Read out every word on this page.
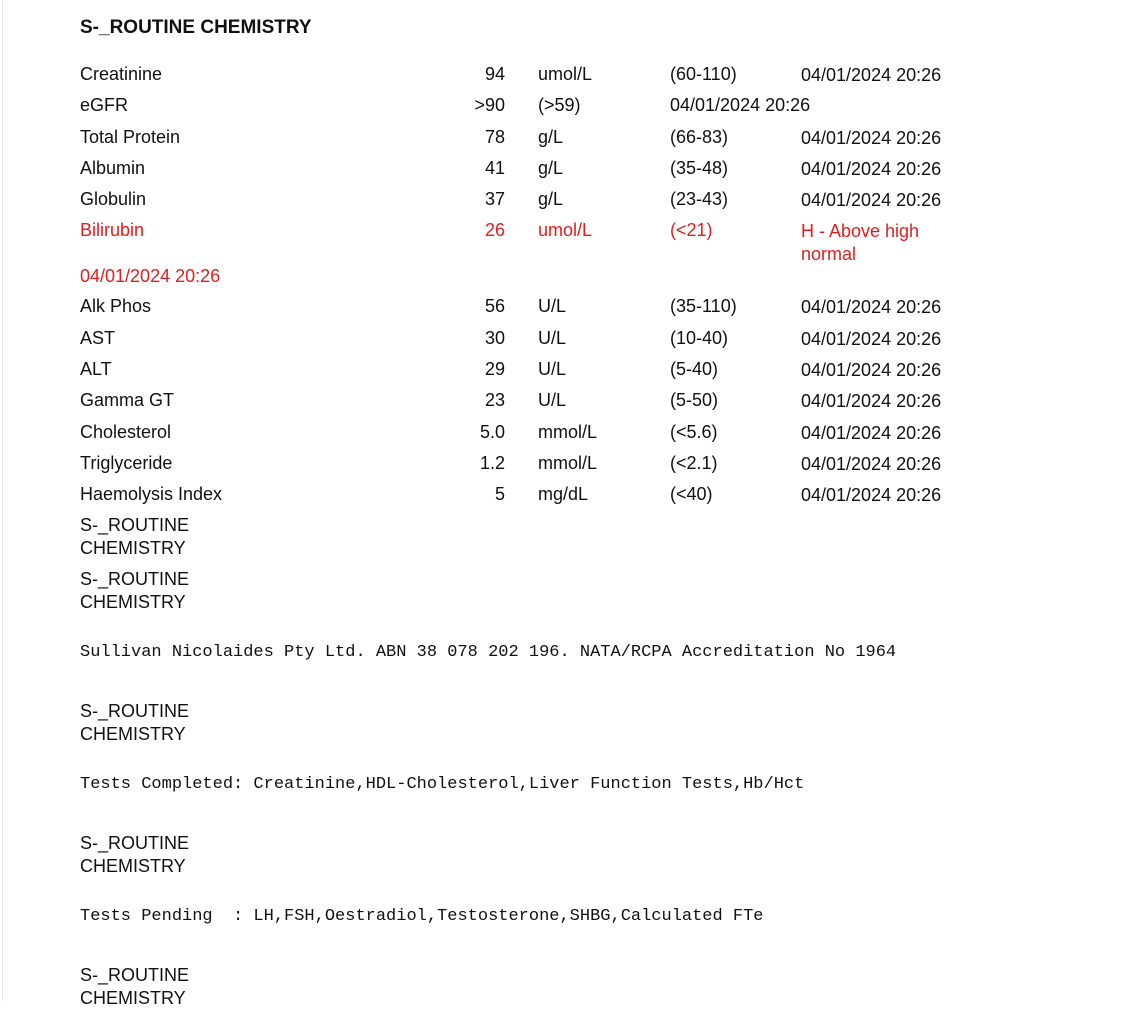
S-_ROUTINE CHEMISTRY
Creatinine	94 umol/L	(60-110)	04/01/2024 20:26
eGFR	>90 (>59)	04/01/2024 20:26
Total Protein	78 g/L	(66-83)	04/01/2024 20:26
Albumin	41 g/L	(35-48)	04/01/2024 20:26
Globulin	37 g/L	(23-43)	04/01/2024 20:26
Bilirubin	26 umol/L	(<21)	H - Above high normal
04/01/2024 20:26
Alk Phos	56 U/L	(35-110)	04/01/2024 20:26
AST	30 U/L	(10-40)	04/01/2024 20:26
ALT	29 U/L	(5-40)	04/01/2024 20:26
Gamma GT	23 U/L	(5-50)	04/01/2024 20:26
Cholesterol	5.0 mmol/L	(<5.6)	04/01/2024 20:26
Triglyceride	1.2 mmol/L	(<2.1)	04/01/2024 20:26
Haemolysis Index	5 mg/dL	(<40)	04/01/2024 20:26
S-_ROUTINE CHEMISTRY
S-_ROUTINE CHEMISTRY
Sullivan Nicolaides Pty Ltd. ABN 38 078 202 196. NATA/RCPA Accreditation No 1964
S-_ROUTINE CHEMISTRY
Tests Completed: Creatinine,HDL-Cholesterol,Liver Function Tests,Hb/Hct
S-_ROUTINE CHEMISTRY
Tests Pending  : LH,FSH,Oestradiol,Testosterone,SHBG,Calculated FTe
S-_ROUTINE CHEMISTRY
